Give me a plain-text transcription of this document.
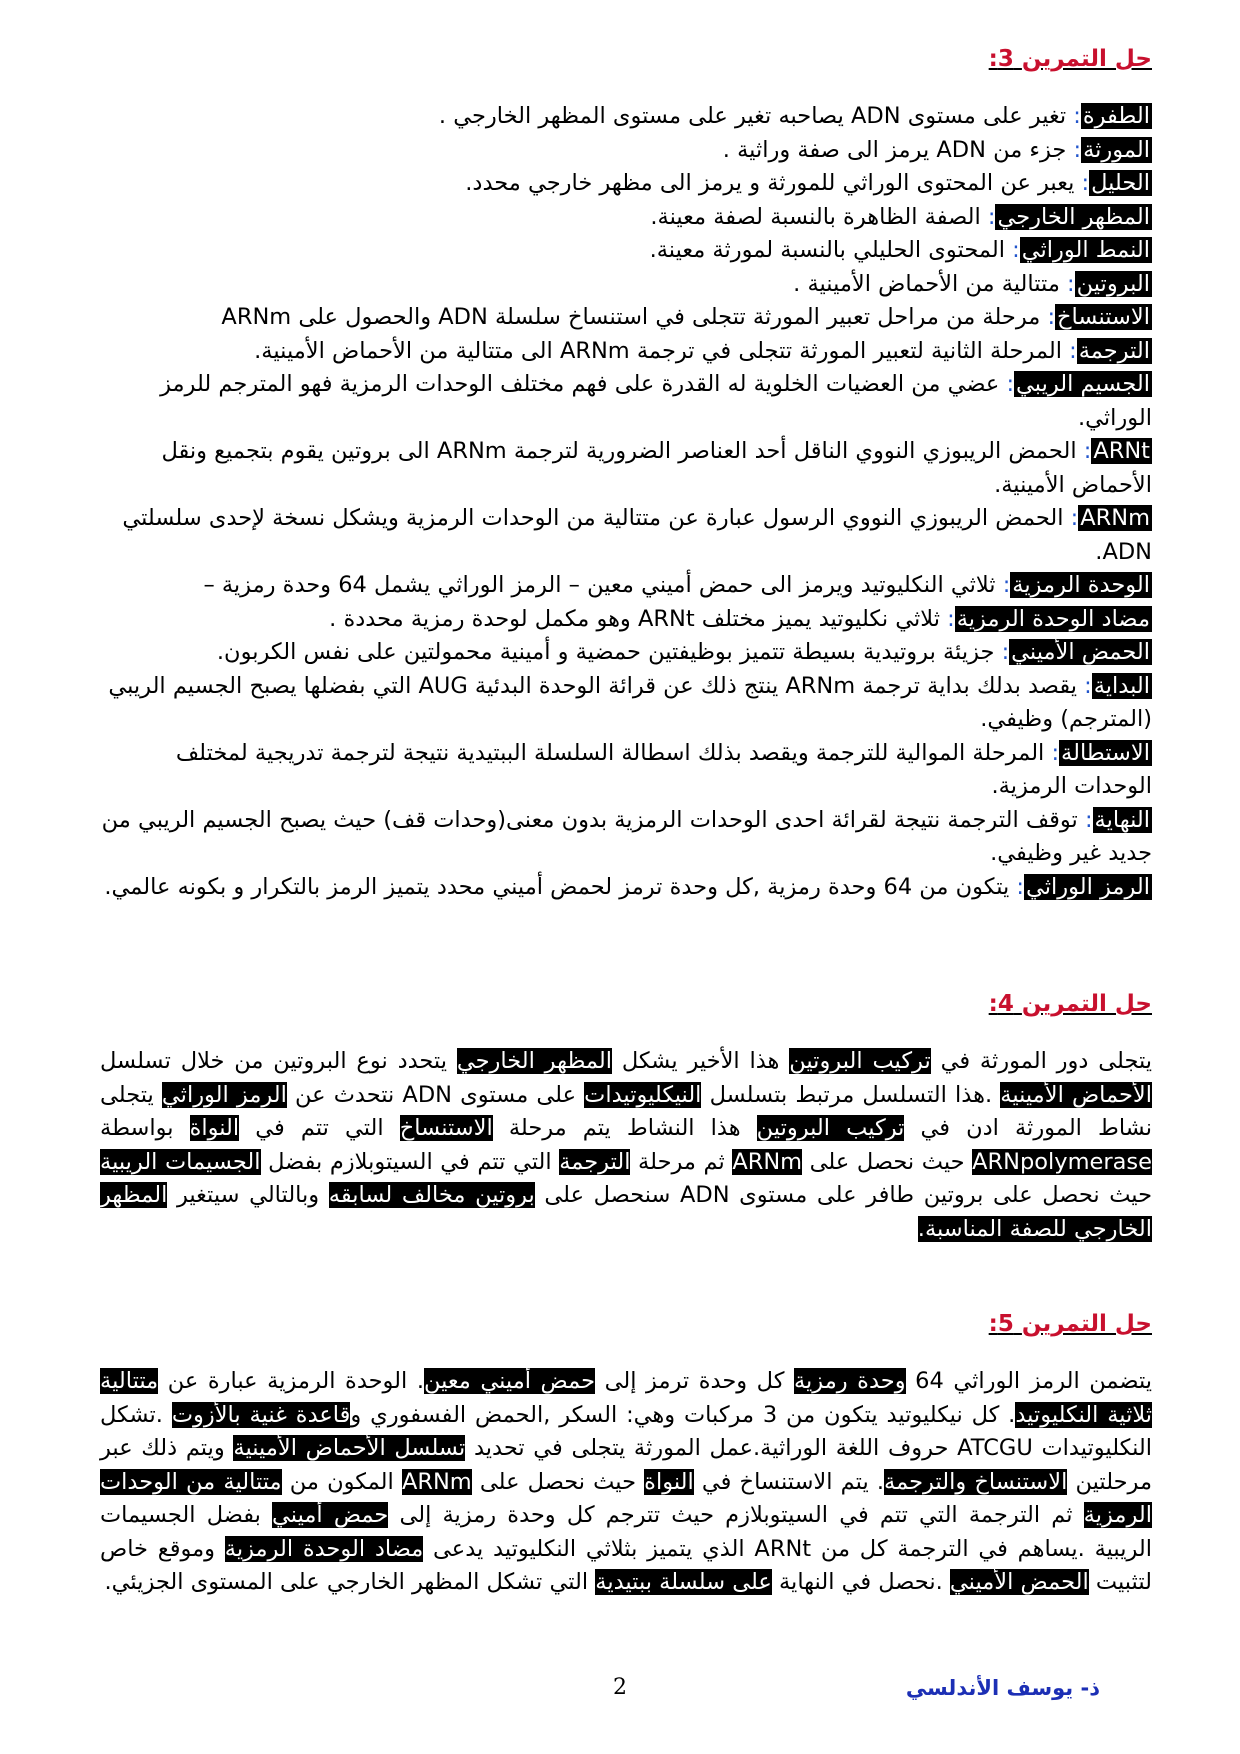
حل التمرين 3:
الطفرة: تغير على مستوى ADN يصاحبه تغير على مستوى المظهر الخارجي .
المورثة: جزء من ADN يرمز الى صفة وراثية .
الحليل: يعبر عن المحتوى الوراثي للمورثة و يرمز الى مظهر خارجي محدد.
المظهر الخارجي: الصفة الظاهرة بالنسبة لصفة معينة.
النمط الوراثي: المحتوى الحليلي بالنسبة لمورثة معينة.
البروتين: متتالية من الأحماض الأمينية .
الاستنساخ: مرحلة من مراحل تعبير المورثة تتجلى في استنساخ سلسلة ADN والحصول على ARNm
الترجمة: المرحلة الثانية لتعبير المورثة تتجلى في ترجمة ARNm الى متتالية من الأحماض الأمينية.
الجسيم الريبي: عضي من العضيات الخلوية له القدرة على فهم مختلف الوحدات الرمزية فهو المترجم للرمز الوراثي.
ARNt: الحمض الريبوزي النووي الناقل أحد العناصر الضرورية لترجمة ARNm الى بروتين يقوم بتجميع ونقل الأحماض الأمينية.
ARNm: الحمض الريبوزي النووي الرسول عبارة عن متتالية من الوحدات الرمزية ويشكل نسخة لإحدى سلسلتي ADN.
الوحدة الرمزية: ثلاثي النكليوتيد ويرمز الى حمض أميني معين – الرمز الوراثي يشمل 64 وحدة رمزية –
مضاد الوحدة الرمزية: ثلاثي نكليوتيد يميز مختلف ARNt وهو مكمل لوحدة رمزية محددة .
الحمض الأميني: جزيئة بروتيدية بسيطة تتميز بوظيفتين حمضية و أمينية محمولتين على نفس الكربون.
البداية: يقصد بدلك بداية ترجمة ARNm ينتج ذلك عن قرائة الوحدة البدئية AUG التي بفضلها يصبح الجسيم الريبي (المترجم) وظيفي.
الاستطالة: المرحلة الموالية للترجمة ويقصد بذلك اسطالة السلسلة الببتيدية نتيجة لترجمة تدريجية لمختلف الوحدات الرمزية.
النهاية: توقف الترجمة نتيجة لقرائة احدى الوحدات الرمزية بدون معنى(وحدات قف) حيث يصبح الجسيم الريبي من جديد غير وظيفي.
الرمز الوراثي: يتكون من 64 وحدة رمزية ,كل وحدة ترمز لحمض أميني محدد يتميز الرمز بالتكرار و بكونه عالمي.
حل التمرين 4:
يتجلى دور المورثة في تركيب البروتين هذا الأخير يشكل المظهر الخارجي يتحدد نوع البروتين من خلال تسلسل الأحماض الأمينية .هذا التسلسل مرتبط بتسلسل النيكليوتيدات على مستوى ADN نتحدث عن الرمز الوراثي يتجلى نشاط المورثة ادن في تركيب البروتين هذا النشاط يتم مرحلة الاستنساخ التي تتم في النواة بواسطة ARNpolymerase حيث نحصل على ARNm ثم مرحلة الترجمة التي تتم في السيتوبلازم بفضل الجسيمات الريبية حيث نحصل على بروتين طافر على مستوى ADN سنحصل على بروتين مخالف لسابقه وبالتالي سيتغير المظهر الخارجي للصفة المناسبة.
حل التمرين 5:
يتضمن الرمز الوراثي 64 وحدة رمزية كل وحدة ترمز إلى حمض أميني معين. الوحدة الرمزية عبارة عن متتالية ثلاثية النكليوتيد. كل نيكليوتيد يتكون من 3 مركبات وهي: السكر ,الحمض الفسفوري وقاعدة غنية بالأزوت .تشكل النكليوتيدات ATCGU حروف اللغة الوراثية.عمل المورثة يتجلى في تحديد تسلسل الأحماض الأمينية ويتم ذلك عبر مرحلتين الاستنساخ والترجمة. يتم الاستنساخ في النواة حيث نحصل على ARNm المكون من متتالية من الوحدات الرمزية ثم الترجمة التي تتم في السيتوبلازم حيث تترجم كل وحدة رمزية إلى حمض أميني بفضل الجسيمات الريبية .يساهم في الترجمة كل من ARNt الذي يتميز بثلاثي النكليوتيد يدعى مضاد الوحدة الرمزية وموقع خاص لتثبيت الحمض الأميني .نحصل في النهاية على سلسلة ببتيدية التي تشكل المظهر الخارجي على المستوى الجزيئي.
2	ذ- يوسف الأندلسي
